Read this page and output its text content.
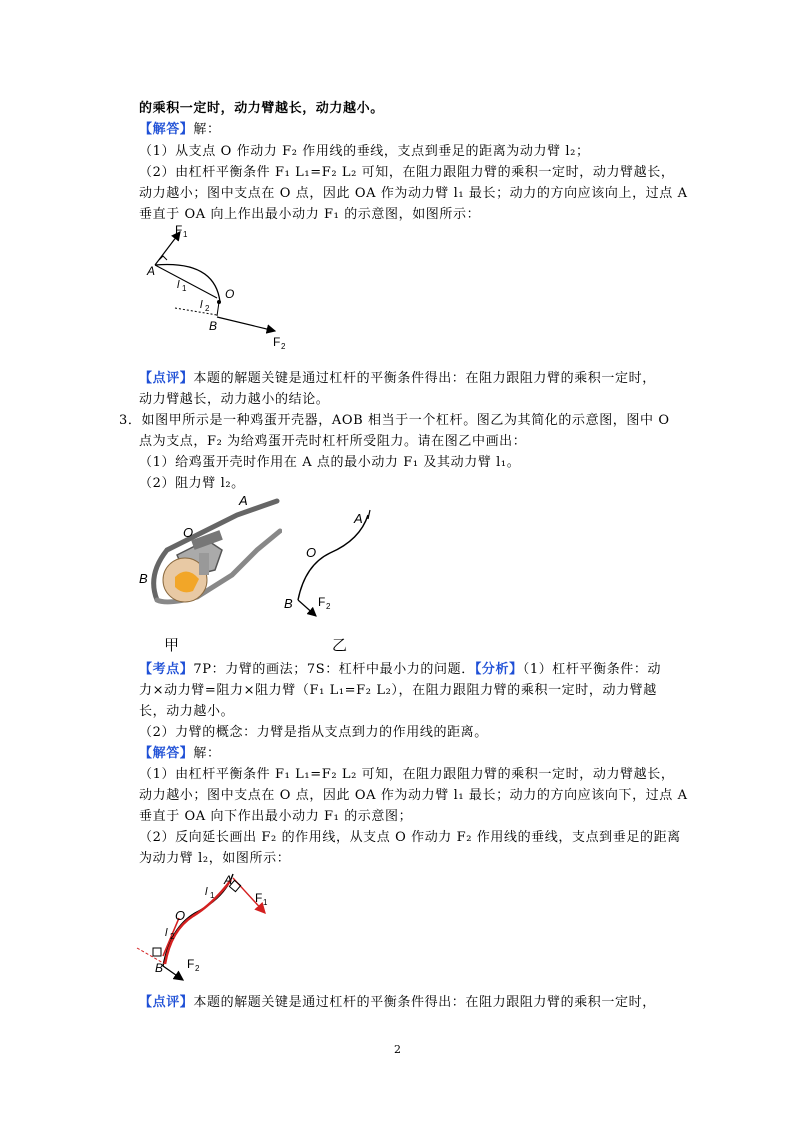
的乘积一定时，动力臂越长，动力越小。
【解答】解：
（1）从支点 O 作动力 F₂ 作用线的垂线，支点到垂足的距离为动力臂 l₂；
（2）由杠杆平衡条件 F₁ L₁=F₂ L₂ 可知，在阻力跟阻力臂的乘积一定时，动力臂越长，
动力越小；图中支点在 O 点，因此 OA 作为动力臂 l₁ 最长；动力的方向应该向上，过点 A
垂直于 OA 向上作出最小动力 F₁ 的示意图，如图所示：
F 1
A
l 1	O
l 2
B
F 2
【点评】本题的解题关键是通过杠杆的平衡条件得出：在阻力跟阻力臂的乘积一定时，
动力臂越长，动力越小的结论。
3．如图甲所示是一种鸡蛋开壳器，AOB 相当于一个杠杆。图乙为其简化的示意图，图中 O
点为支点，F₂ 为给鸡蛋开壳时杠杆所受阻力。请在图乙中画出：
（1）给鸡蛋开壳时作用在 A 点的最小动力 F₁ 及其动力臂 l₁。
（2）阻力臂 l₂。
O
A
B
A
O
B F 2
甲	乙
【考点】7P：力臂的画法；7S：杠杆中最小力的问题．【分析】（1）杠杆平衡条件：动
力×动力臂=阻力×阻力臂（F₁ L₁=F₂ L₂），在阻力跟阻力臂的乘积一定时，动力臂越
长，动力越小。
（2）力臂的概念：力臂是指从支点到力的作用线的距离。
【解答】解：
（1）由杠杆平衡条件 F₁ L₁=F₂ L₂ 可知，在阻力跟阻力臂的乘积一定时，动力臂越长，
动力越小；图中支点在 O 点，因此 OA 作为动力臂 l₁ 最长；动力的方向应该向下，过点 A
垂直于 OA 向下作出最小动力 F₁ 的示意图；
（2）反向延长画出 F₂ 的作用线，从支点 O 作动力 F₂ 作用线的垂线，支点到垂足的距离
为动力臂 l₂，如图所示：
A
l 1	F 1
O
l 2
B F 2
【点评】本题的解题关键是通过杠杆的平衡条件得出：在阻力跟阻力臂的乘积一定时，
2
